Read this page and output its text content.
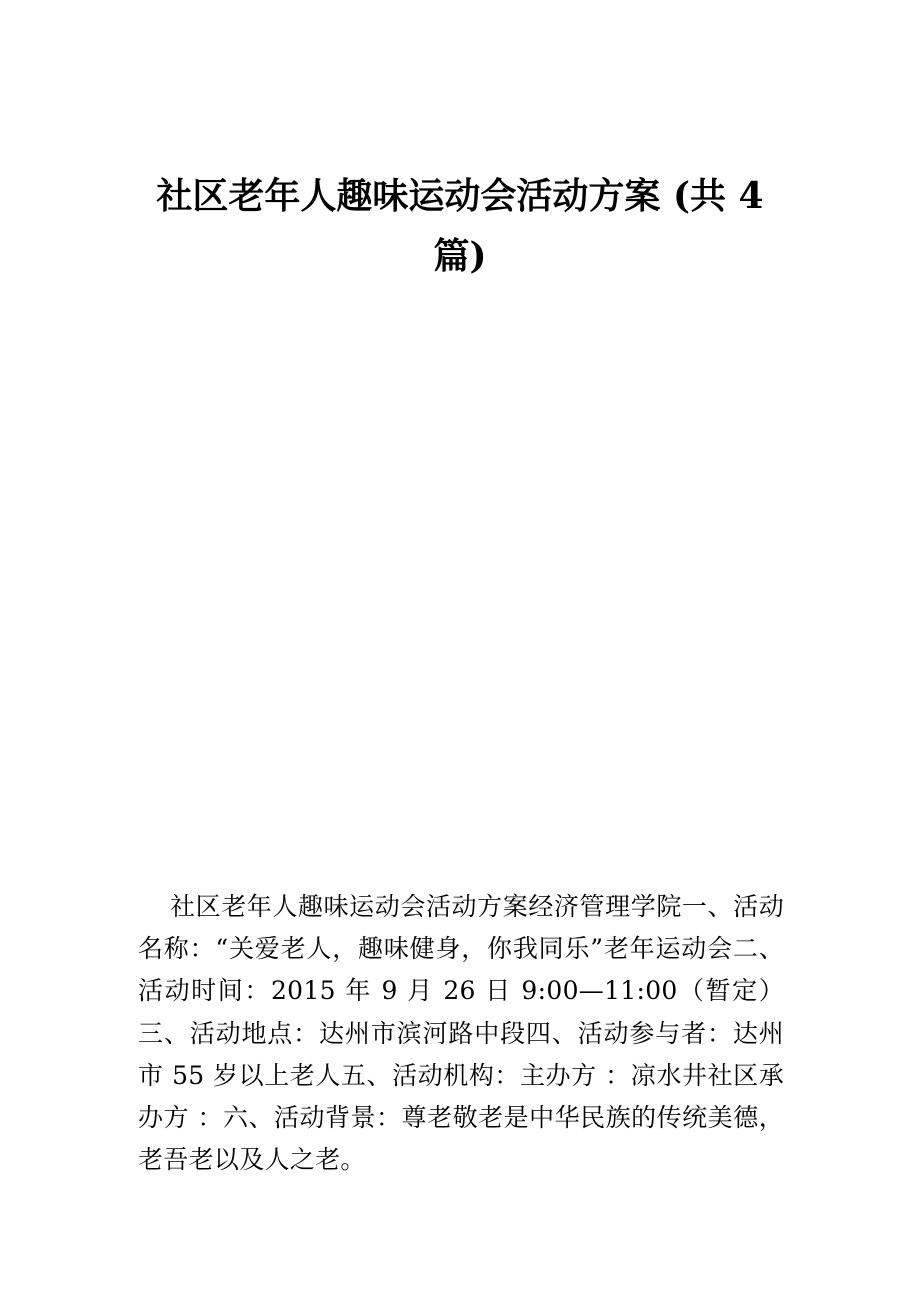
社区老年人趣味运动会活动方案 (共 4 篇)

社区老年人趣味运动会活动方案经济管理学院一、活动名称：“关爱老人，趣味健身，你我同乐”老年运动会二、活动时间：2015 年 9 月 26 日 9:00—11:00（暂定）三、活动地点：达州市滨河路中段四、活动参与者：达州市 55 岁以上老人五、活动机构：主办方 ：凉水井社区承办方 ：六、活动背景：尊老敬老是中华民族的传统美德，老吾老以及人之老。
